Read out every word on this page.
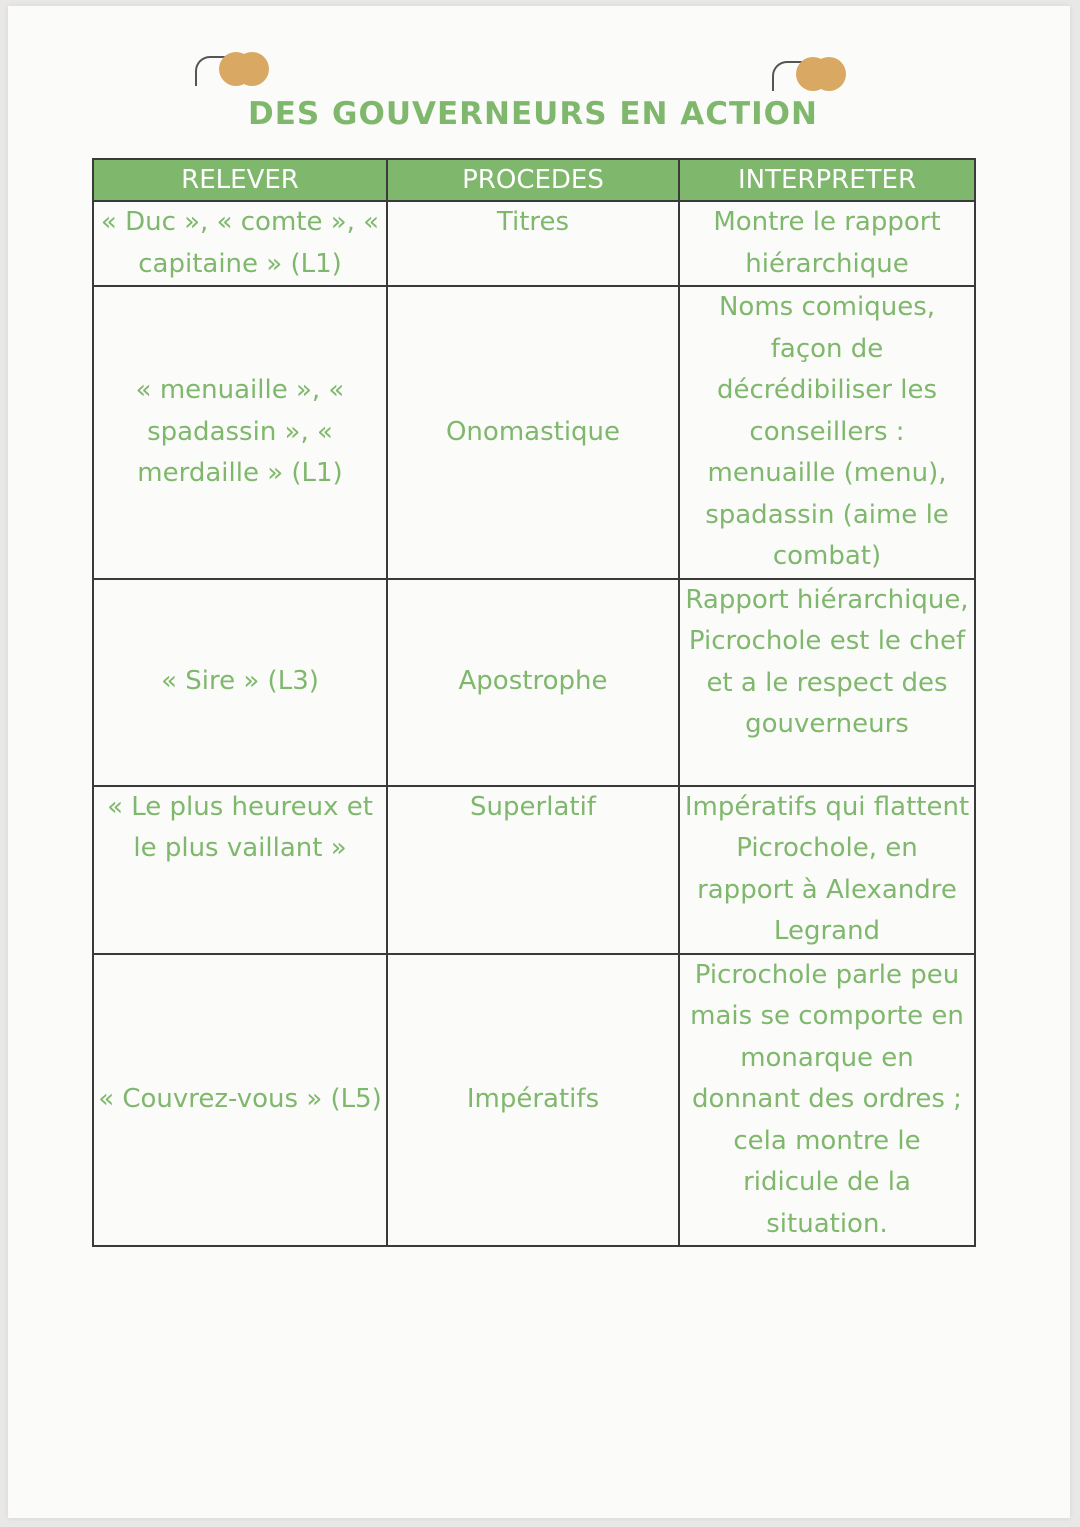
DES GOUVERNEURS EN ACTION
RELEVER	PROCEDES	INTERPRETER
« Duc », « comte », « capitaine » (L1)	Titres	Montre le rapport hiérarchique
« menuaille », « spadassin », « merdaille » (L1)	Onomastique	Noms comiques, façon de décrédibiliser les conseillers : menuaille (menu), spadassin (aime le combat)
« Sire » (L3)	Apostrophe	Rapport hiérarchique, Picrochole est le chef et a le respect des gouverneurs
« Le plus heureux et le plus vaillant »	Superlatif	Impératifs qui flattent Picrochole, en rapport à Alexandre Legrand
« Couvrez-vous » (L5)	Impératifs	Picrochole parle peu mais se comporte en monarque en donnant des ordres ; cela montre le ridicule de la situation.
